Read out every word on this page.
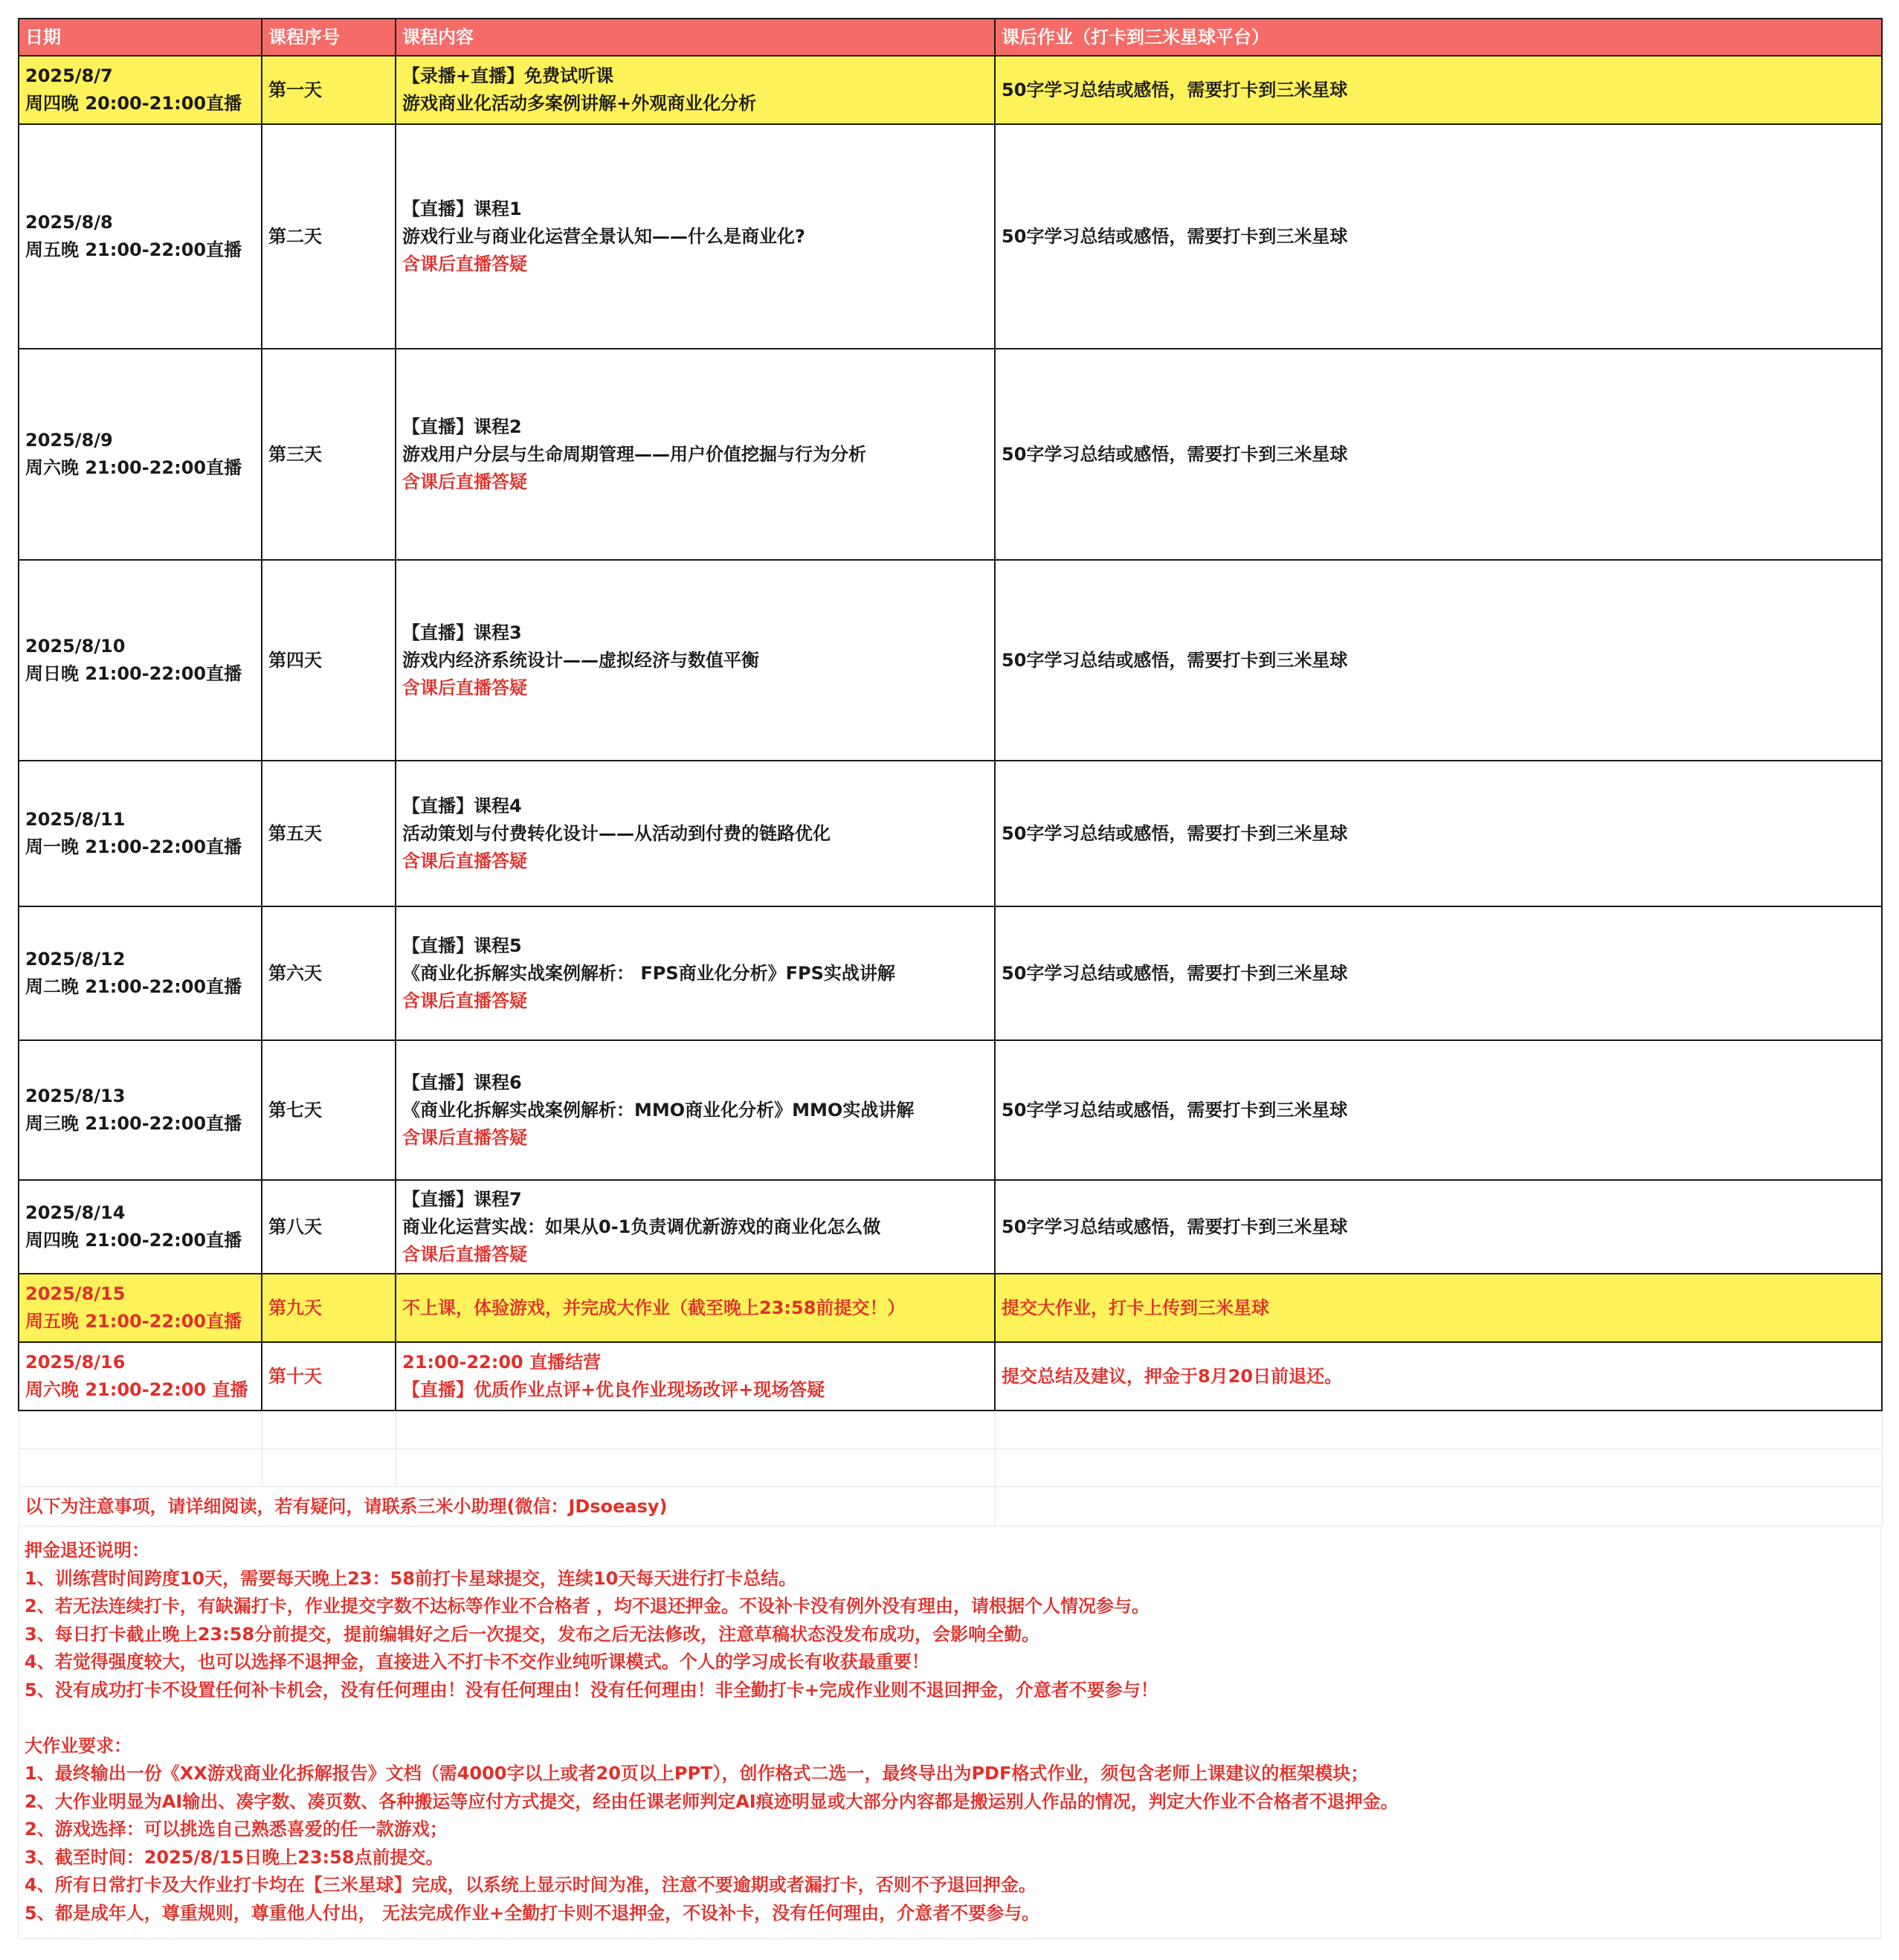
日期	课程序号	课程内容	课后作业（打卡到三米星球平台）

2025/8/7
周四晚 20:00-21:00直播	第一天	【录播+直播】免费试听课
游戏商业化活动多案例讲解+外观商业化分析	50字学习总结或感悟，需要打卡到三米星球

2025/8/8
周五晚 21:00-22:00直播	第二天	【直播】课程1
游戏行业与商业化运营全景认知——什么是商业化?
含课后直播答疑	50字学习总结或感悟，需要打卡到三米星球

2025/8/9
周六晚 21:00-22:00直播	第三天	【直播】课程2
游戏用户分层与生命周期管理——用户价值挖掘与行为分析
含课后直播答疑	50字学习总结或感悟，需要打卡到三米星球

2025/8/10
周日晚 21:00-22:00直播	第四天	【直播】课程3
游戏内经济系统设计——虚拟经济与数值平衡
含课后直播答疑	50字学习总结或感悟，需要打卡到三米星球

2025/8/11
周一晚 21:00-22:00直播	第五天	【直播】课程4
活动策划与付费转化设计——从活动到付费的链路优化
含课后直播答疑	50字学习总结或感悟，需要打卡到三米星球

2025/8/12
周二晚 21:00-22:00直播	第六天	【直播】课程5
《商业化拆解实战案例解析： FPS商业化分析》FPS实战讲解
含课后直播答疑	50字学习总结或感悟，需要打卡到三米星球

2025/8/13
周三晚 21:00-22:00直播	第七天	【直播】课程6
《商业化拆解实战案例解析：MMO商业化分析》MMO实战讲解
含课后直播答疑	50字学习总结或感悟，需要打卡到三米星球

2025/8/14
周四晚 21:00-22:00直播	第八天	【直播】课程7
商业化运营实战：如果从0-1负责调优新游戏的商业化怎么做
含课后直播答疑	50字学习总结或感悟，需要打卡到三米星球

2025/8/15
周五晚 21:00-22:00直播	第九天	不上课，体验游戏，并完成大作业（截至晚上23:58前提交！）	提交大作业，打卡上传到三米星球

2025/8/16
周六晚 21:00-22:00 直播	第十天	21:00-22:00 直播结营
【直播】优质作业点评+优良作业现场改评+现场答疑	提交总结及建议，押金于8月20日前退还。

以下为注意事项，请详细阅读，若有疑问，请联系三米小助理(微信：JDsoeasy)			
押金退还说明：
1、训练营时间跨度10天，需要每天晚上23：58前打卡星球提交，连续10天每天进行打卡总结。
2、若无法连续打卡，有缺漏打卡，作业提交字数不达标等作业不合格者 ，均不退还押金。不设补卡没有例外没有理由，请根据个人情况参与。
3、每日打卡截止晚上23:58分前提交，提前编辑好之后一次提交，发布之后无法修改，注意草稿状态没发布成功，会影响全勤。
4、若觉得强度较大，也可以选择不退押金，直接进入不打卡不交作业纯听课模式。个人的学习成长有收获最重要！
5、没有成功打卡不设置任何补卡机会，没有任何理由！没有任何理由！没有任何理由！非全勤打卡+完成作业则不退回押金，介意者不要参与！
大作业要求：
1、最终输出一份《XX游戏商业化拆解报告》文档（需4000字以上或者20页以上PPT），创作格式二选一，最终导出为PDF格式作业，须包含老师上课建议的框架模块；
2、大作业明显为AI输出、凑字数、凑页数、各种搬运等应付方式提交，经由任课老师判定AI痕迹明显或大部分内容都是搬运别人作品的情况，判定大作业不合格者不退押金。
2、游戏选择：可以挑选自己熟悉喜爱的任一款游戏；
3、截至时间：2025/8/15日晚上23:58点前提交。
4、所有日常打卡及大作业打卡均在【三米星球】完成，以系统上显示时间为准，注意不要逾期或者漏打卡，否则不予退回押金。
5、都是成年人，尊重规则，尊重他人付出， 无法完成作业+全勤打卡则不退押金，不设补卡，没有任何理由，介意者不要参与。
